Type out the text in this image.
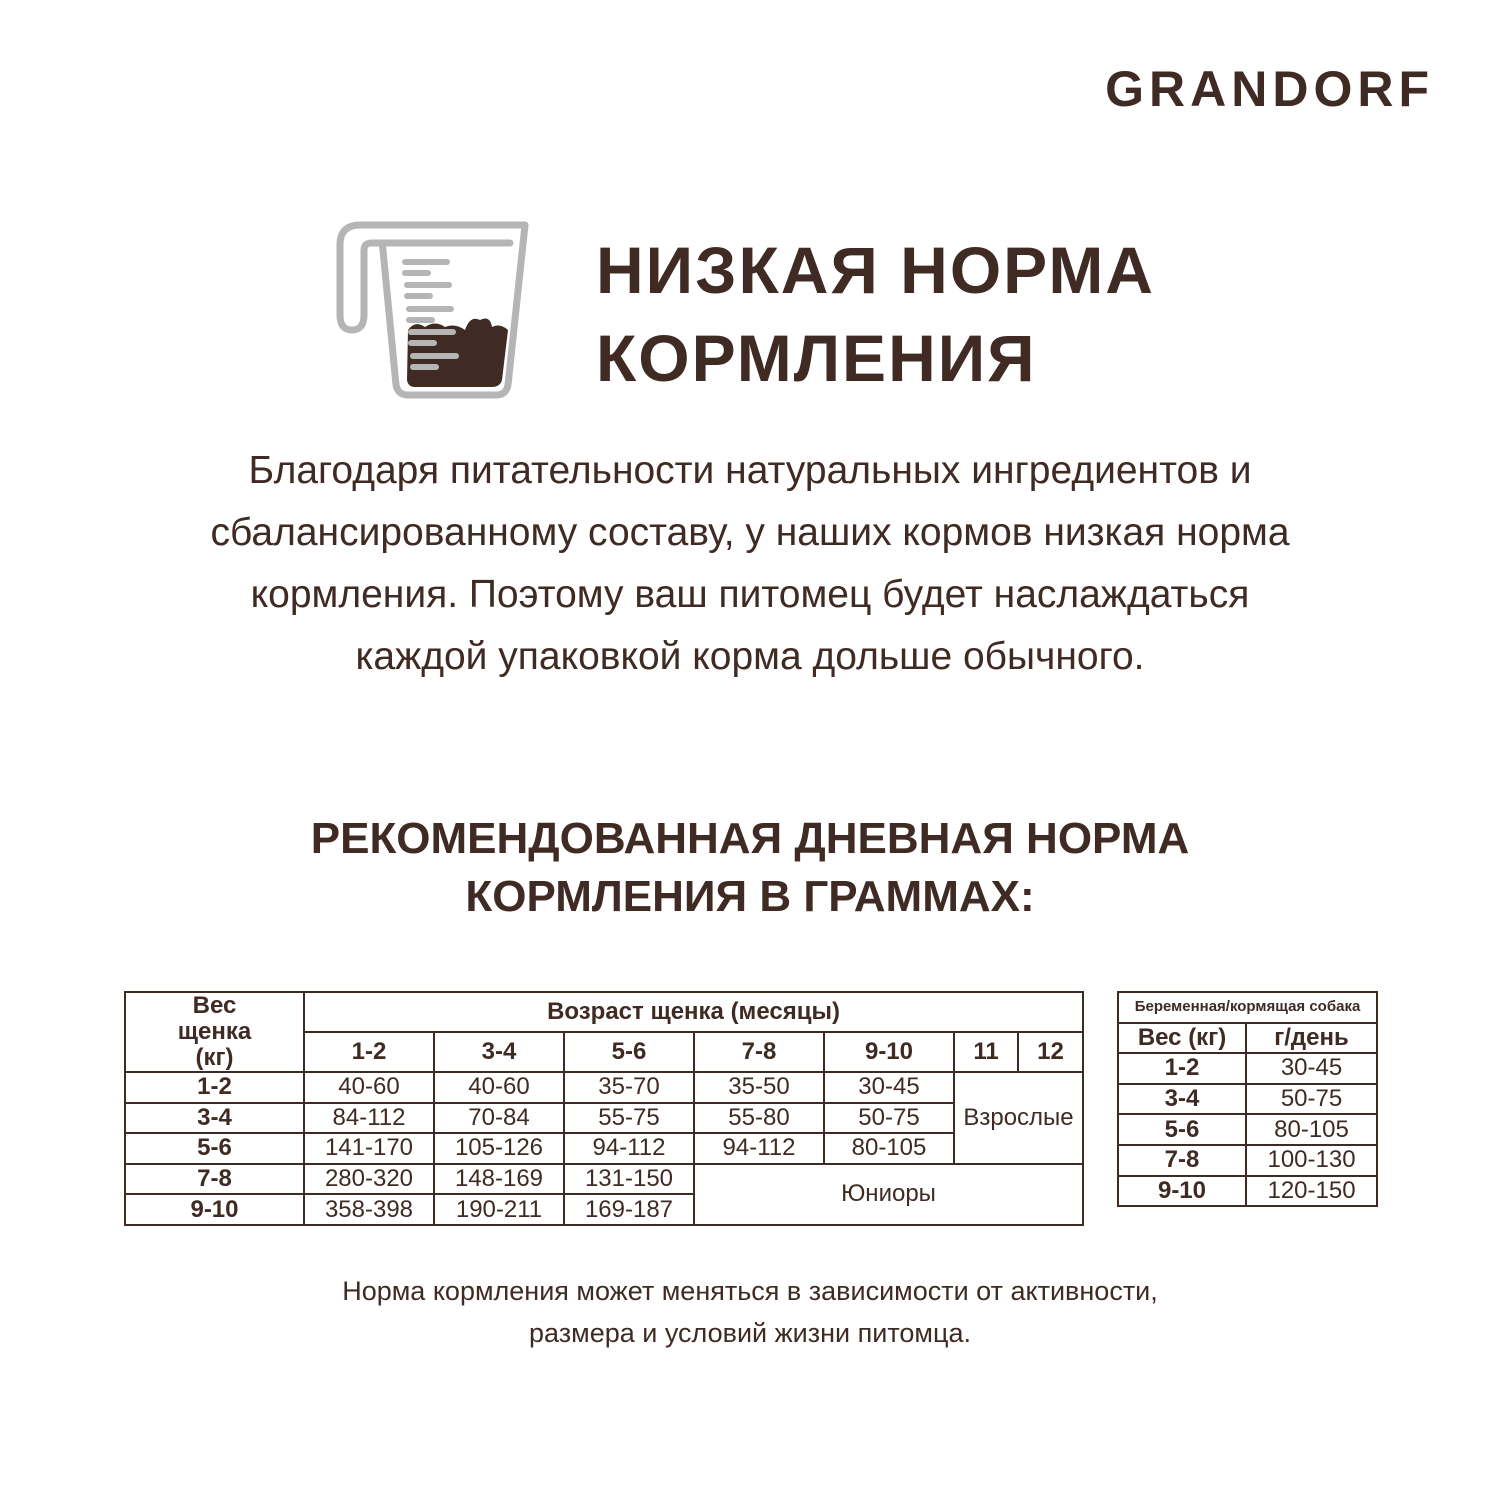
GRANDORF
НИЗКАЯ НОРМА
КОРМЛЕНИЯ
Благодаря питательности натуральных ингредиентов и
сбалансированному составу, у наших кормов низкая норма
кормления. Поэтому ваш питомец будет наслаждаться
каждой упаковкой корма дольше обычного.
РЕКОМЕНДОВАННАЯ ДНЕВНАЯ НОРМА
КОРМЛЕНИЯ В ГРАММАХ:
Вес щенка (кг)	Возраст щенка (месяцы)						
	1-2	3-4	5-6	7-8	9-10	11	12
1-2	40-60	40-60	35-70	35-50	30-45	Взрослые	
3-4	84-112	70-84	55-75	55-80	50-75		
5-6	141-170	105-126	94-112	94-112	80-105		
7-8	280-320	148-169	131-150	Юниоры			
9-10	358-398	190-211	169-187				
Беременная/кормящая собака	
Вес (кг)	г/день
1-2	30-45
3-4	50-75
5-6	80-105
7-8	100-130
9-10	120-150
Норма кормления может меняться в зависимости от активности,
размера и условий жизни питомца.
